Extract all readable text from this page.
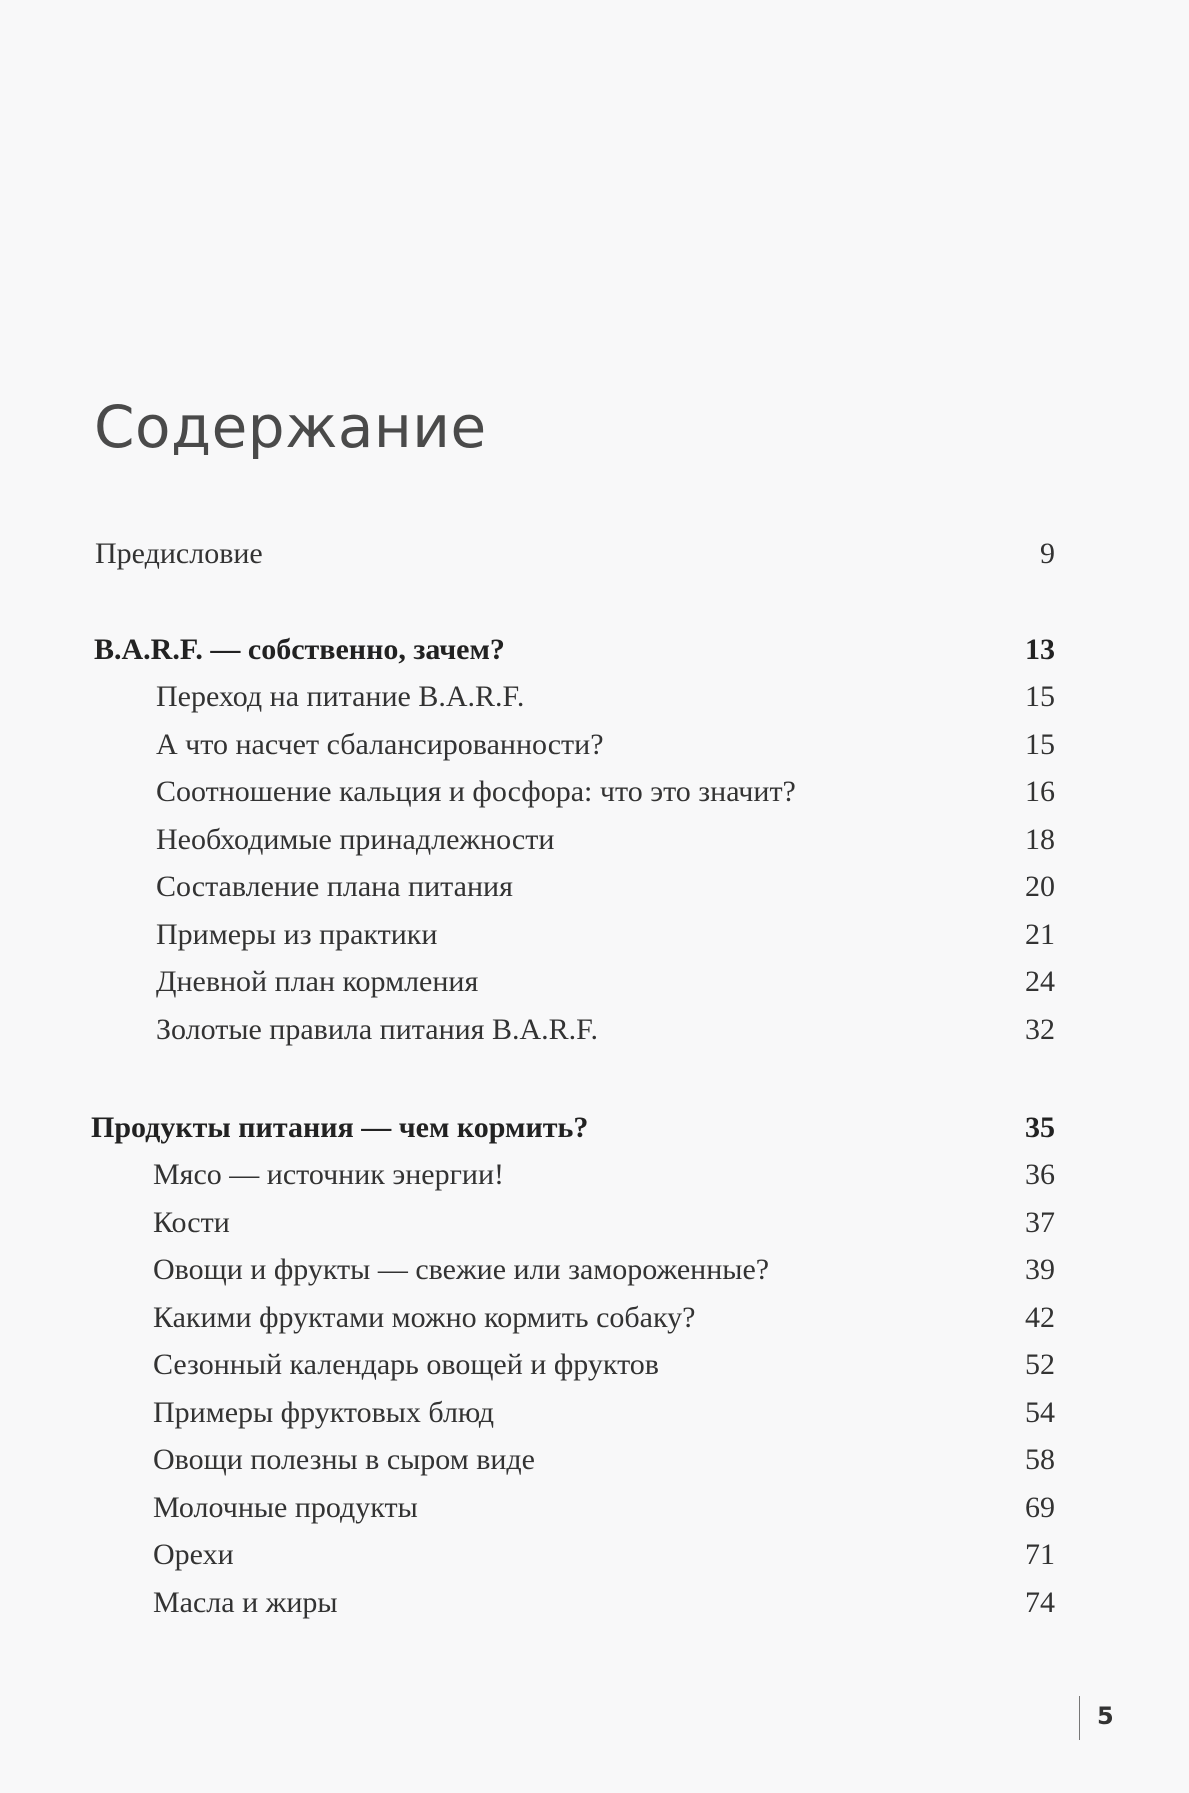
Содержание
Предисловие	9
B.A.R.F. — собственно, зачем?	13
Переход на питание B.A.R.F.	15
А что насчет сбалансированности?	15
Соотношение кальция и фосфора: что это значит?	16
Необходимые принадлежности	18
Составление плана питания	20
Примеры из практики	21
Дневной план кормления	24
Золотые правила питания B.A.R.F.	32
Продукты питания — чем кормить?	35
Мясо — источник энергии!	36
Кости	37
Овощи и фрукты — свежие или замороженные?	39
Какими фруктами можно кормить собаку?	42
Сезонный календарь овощей и фруктов	52
Примеры фруктовых блюд	54
Овощи полезны в сыром виде	58
Молочные продукты	69
Орехи	71
Масла и жиры	74
5
